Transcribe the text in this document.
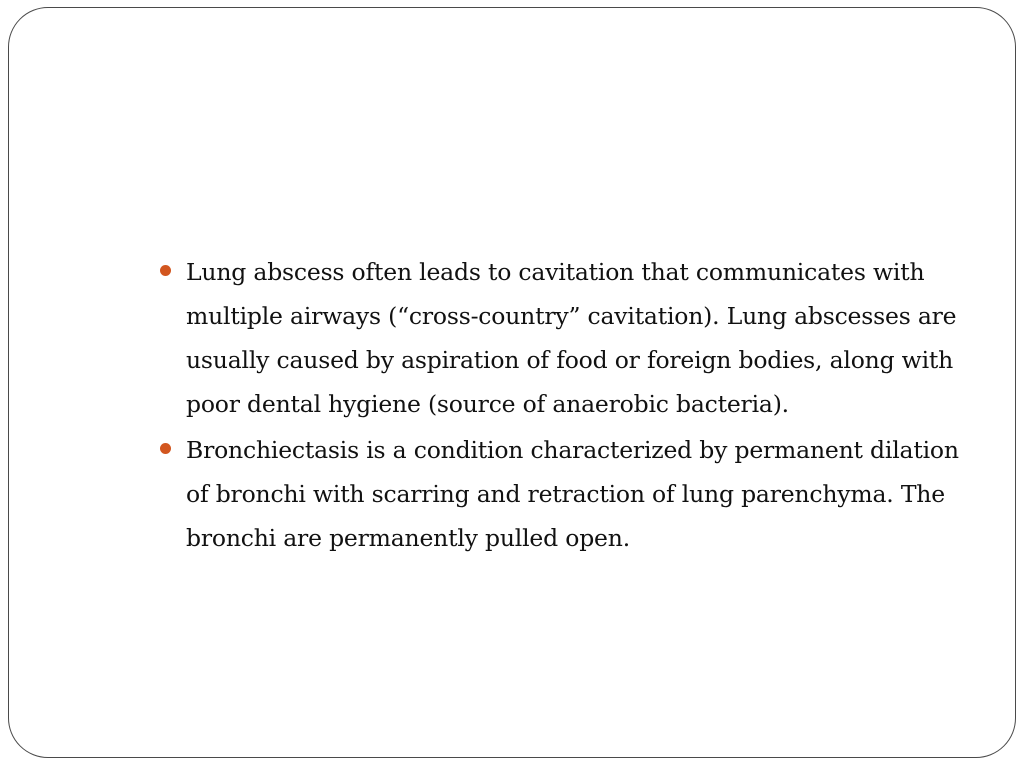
Lung abscess often leads to cavitation that communicates with multiple airways (“cross-country” cavitation). Lung abscesses are usually caused by aspiration of food or foreign bodies, along with poor dental hygiene (source of anaerobic bacteria).
Bronchiectasis is a condition characterized by permanent dilation of bronchi with scarring and retraction of lung parenchyma. The bronchi are permanently pulled open.
